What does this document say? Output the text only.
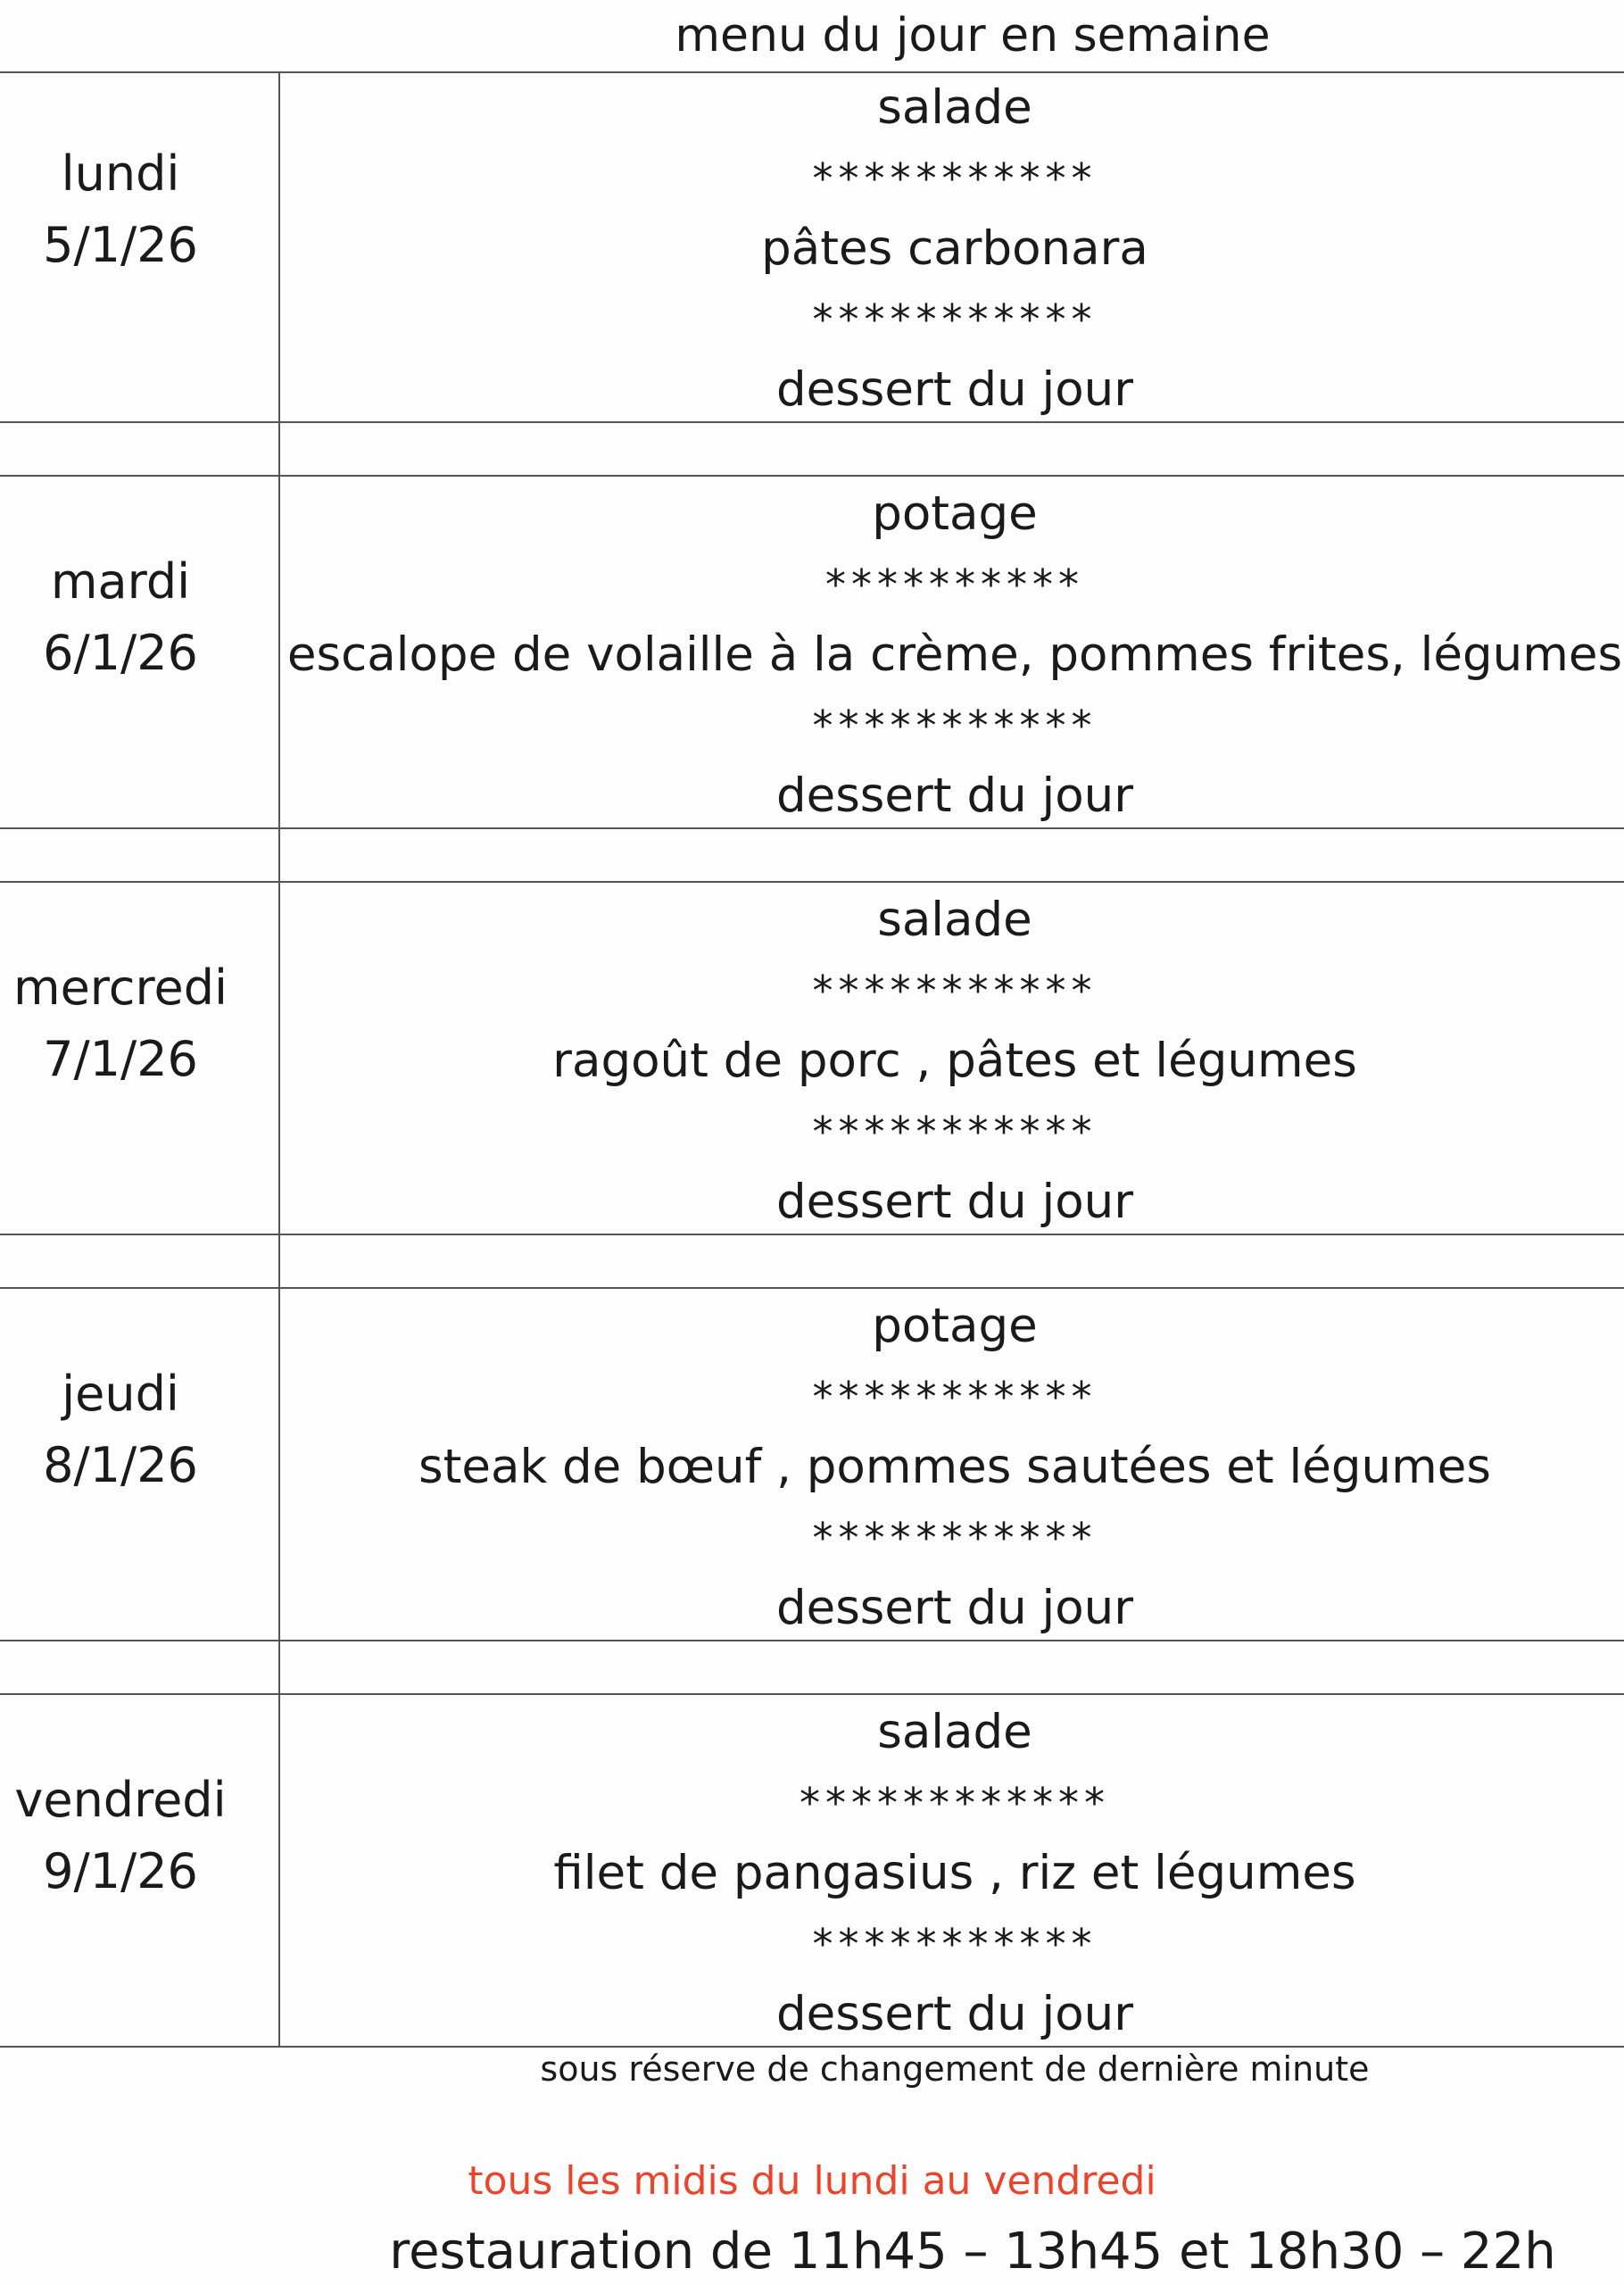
menu du jour en semaine
lundi
5/1/26
mardi
6/1/26
mercredi
7/1/26
jeudi
8/1/26
vendredi
9/1/26
salade
***********
pâtes carbonara
***********
dessert du jour
potage
**********
escalope de volaille à la crème, pommes frites, légumes
***********
dessert du jour
salade
***********
ragoût de porc , pâtes et légumes
***********
dessert du jour
potage
***********
steak de bœuf , pommes sautées et légumes
***********
dessert du jour
salade
************
filet de pangasius , riz et légumes
***********
dessert du jour
sous réserve de changement de dernière minute
tous les midis du lundi au vendredi
restauration de 11h45 – 13h45 et 18h30 – 22h
